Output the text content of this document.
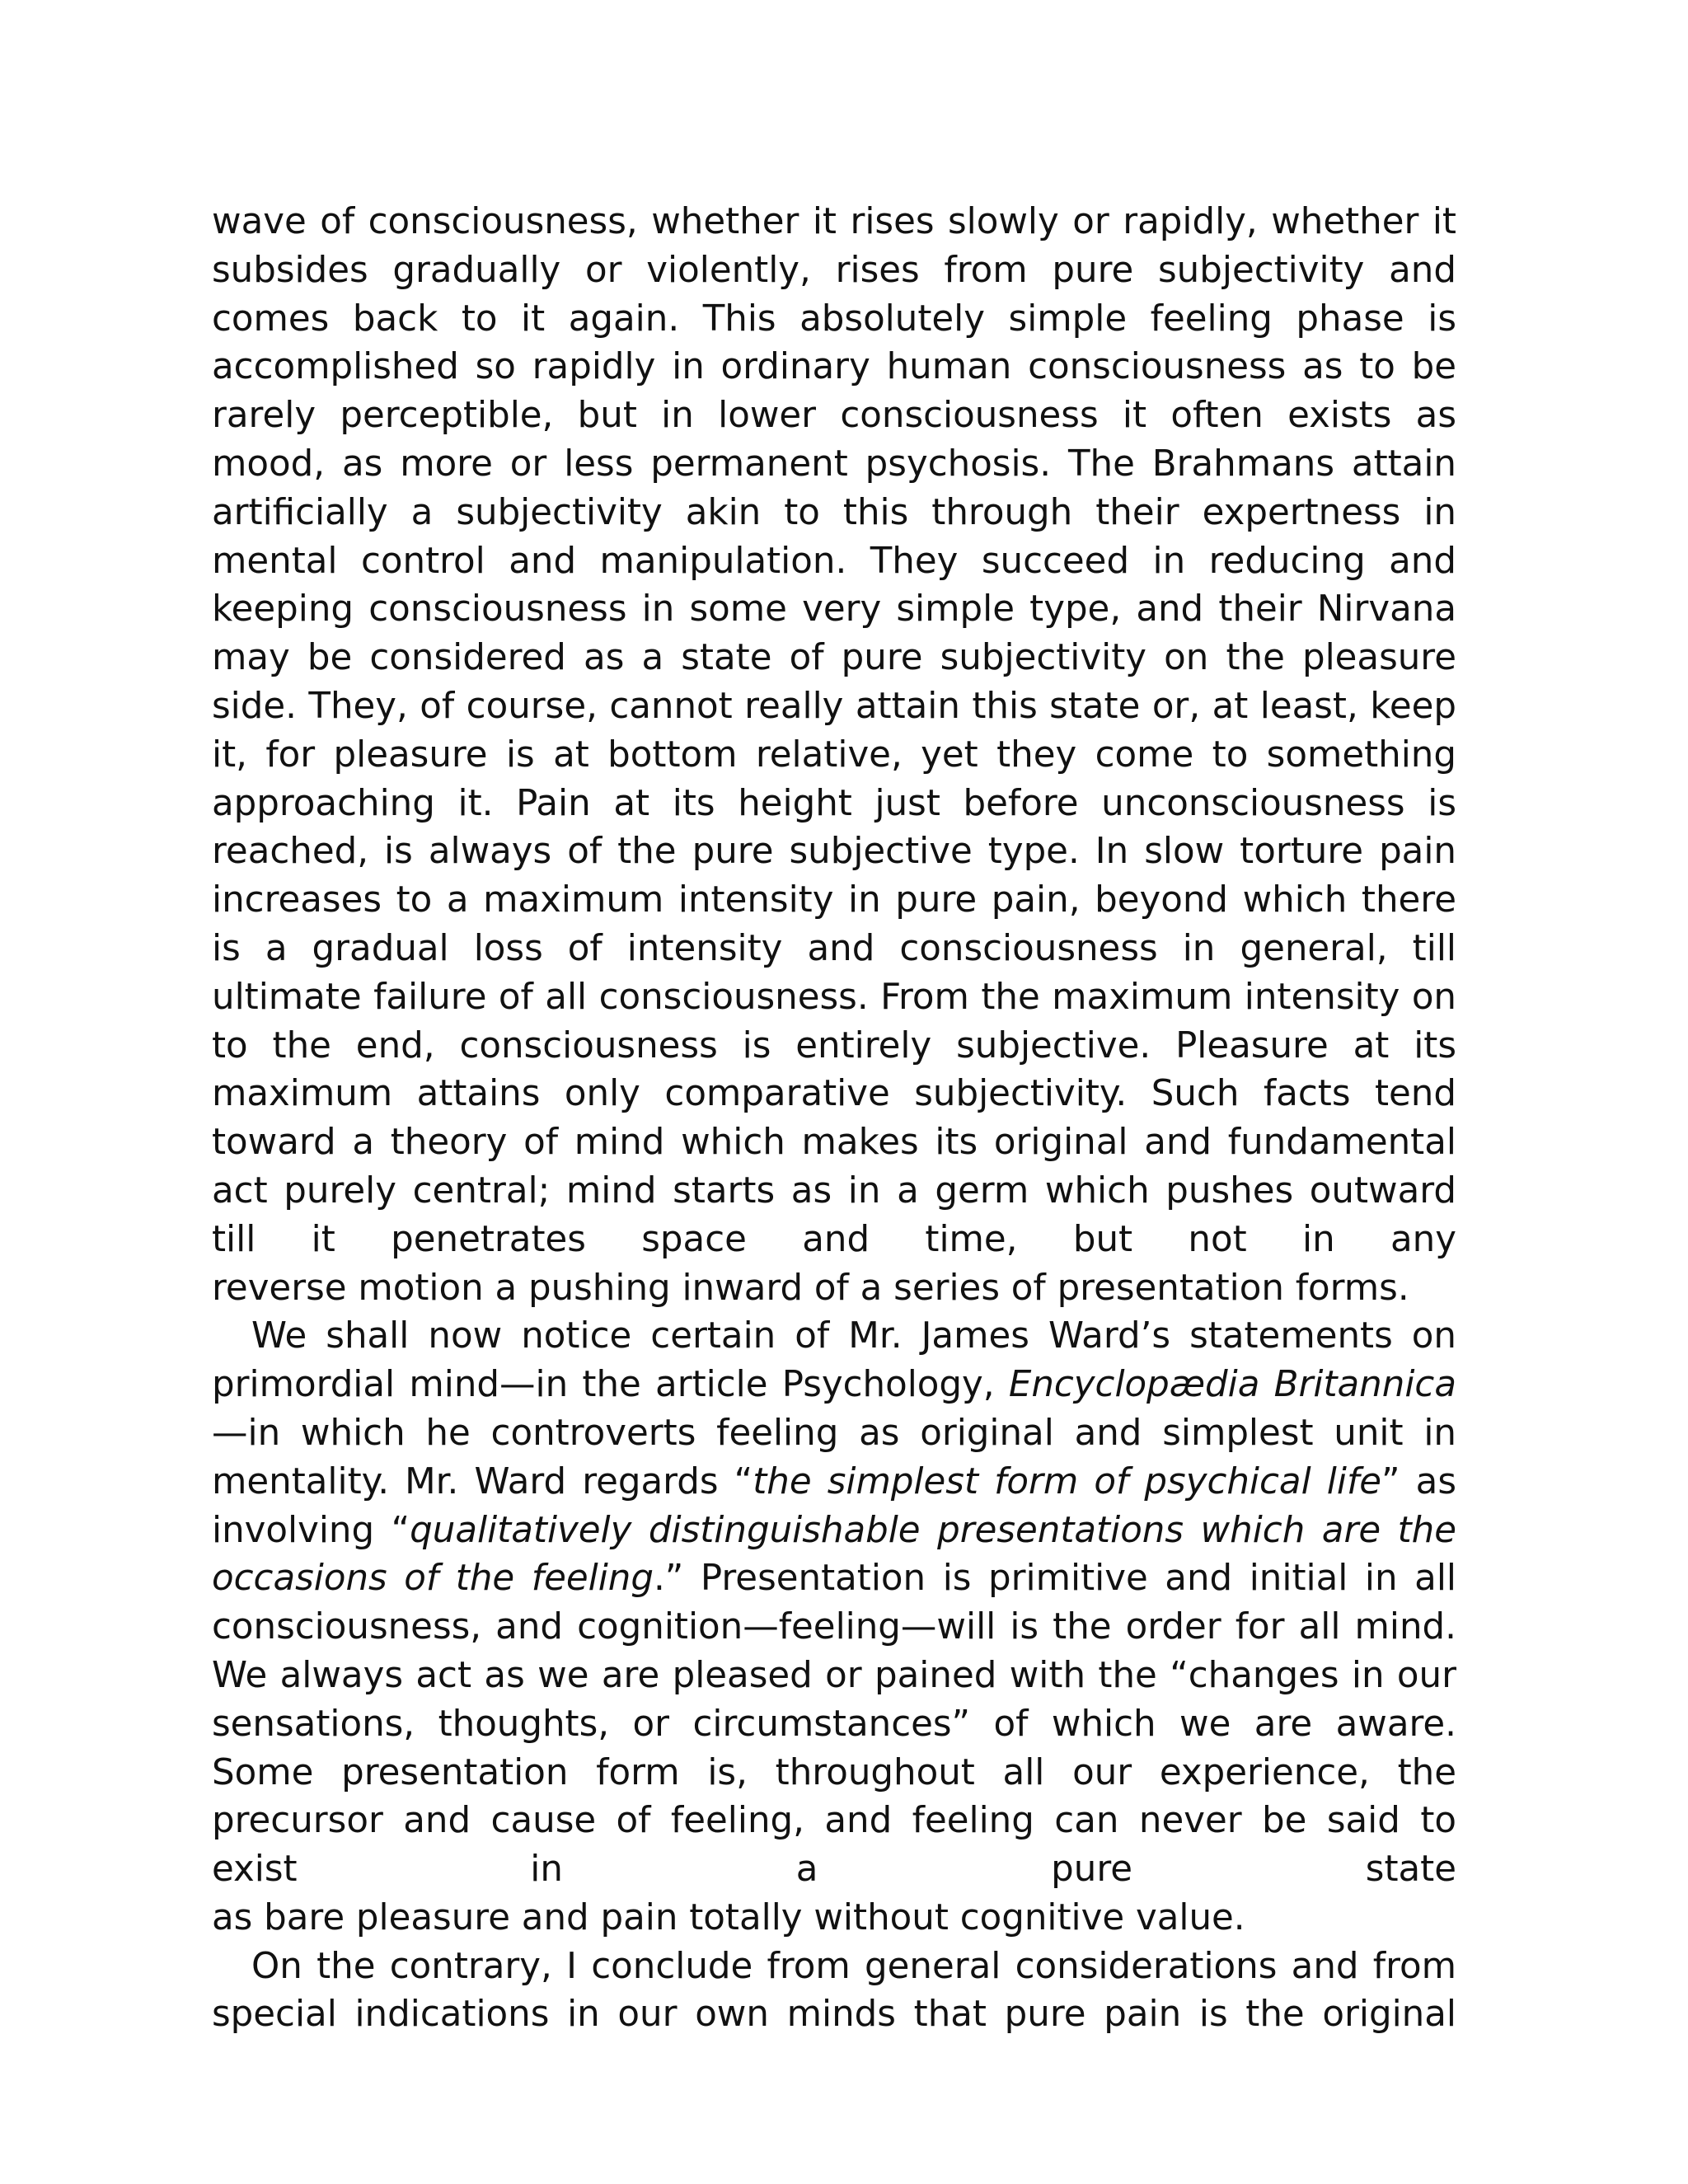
wave of consciousness, whether it rises slowly or rapidly, whether it subsides gradually or violently, rises from pure subjectivity and comes back to it again. This absolutely simple feeling phase is accomplished so rapidly in ordinary human consciousness as to be rarely perceptible, but in lower consciousness it often exists as mood, as more or less permanent psychosis. The Brahmans attain artificially a subjectivity akin to this through their expertness in mental control and manipulation. They succeed in reducing and keeping consciousness in some very simple type, and their Nirvana may be considered as a state of pure subjectivity on the pleasure side. They, of course, cannot really attain this state or, at least, keep it, for pleasure is at bottom relative, yet they come to something approaching it. Pain at its height just before unconsciousness is reached, is always of the pure subjective type. In slow torture pain increases to a maximum intensity in pure pain, beyond which there is a gradual loss of intensity and consciousness in general, till ultimate failure of all consciousness. From the maximum intensity on to the end, consciousness is entirely subjective. Pleasure at its maximum attains only comparative subjectivity. Such facts tend toward a theory of mind which makes its original and fundamental act purely central; mind starts as in a germ which pushes outward till it penetrates space and time, but not in any
reverse motion a pushing inward of a series of presentation forms.

We shall now notice certain of Mr. James Ward’s statements on primordial mind—in the article Psychology, Encyclopædia Britannica—in which he controverts feeling as original and simplest unit in mentality. Mr. Ward regards “the simplest form of psychical life” as involving “qualitatively distinguishable presentations which are the occasions of the feeling.” Presentation is primitive and initial in all consciousness, and cognition—feeling—will is the order for all mind. We always act as we are pleased or pained with the “changes in our sensations, thoughts, or circumstances” of which we are aware. Some presentation form is, throughout all our experience, the precursor and cause of feeling, and feeling can never be said to exist in a pure state
as bare pleasure and pain totally without cognitive value.

On the contrary, I conclude from general considerations and from special indications in our own minds that pure pain is the original
